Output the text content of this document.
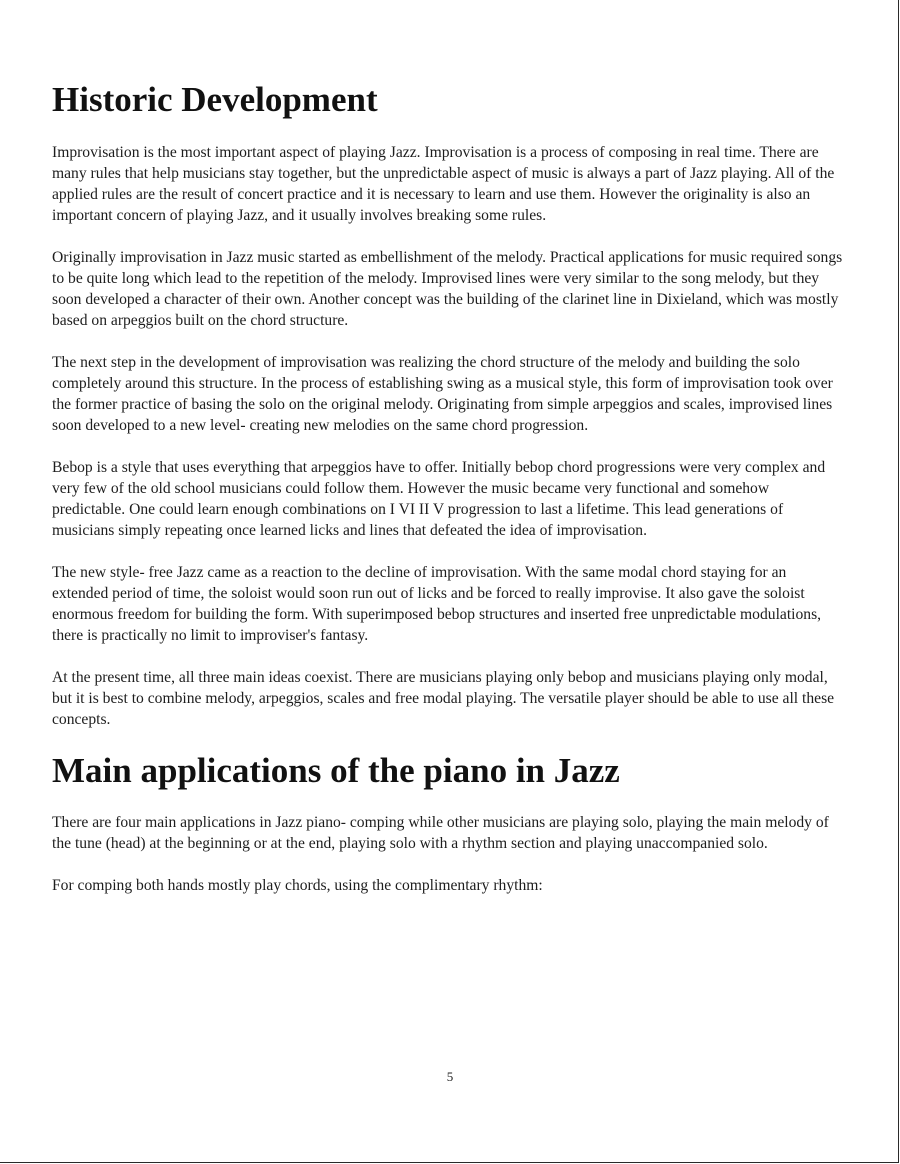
Historic Development

Improvisation is the most important aspect of playing Jazz. Improvisation is a process of composing in real time. There are many rules that help musicians stay together, but the unpredictable aspect of music is always a part of Jazz playing. All of the applied rules are the result of concert practice and it is necessary to learn and use them. However the originality is also an important concern of playing Jazz, and it usually involves breaking some rules.

Originally improvisation in Jazz music started as embellishment of the melody. Practical applications for music required songs to be quite long which lead to the repetition of the melody. Improvised lines were very similar to the song melody, but they soon developed a character of their own. Another concept was the building of the clarinet line in Dixieland, which was mostly based on arpeggios built on the chord structure.

The next step in the development of improvisation was realizing the chord structure of the melody and building the solo completely around this structure. In the process of establishing swing as a musical style, this form of improvisation took over the former practice of basing the solo on the original melody. Originating from simple arpeggios and scales, improvised lines soon developed to a new level- creating new melodies on the same chord progression.

Bebop is a style that uses everything that arpeggios have to offer. Initially bebop chord progressions were very complex and very few of the old school musicians could follow them. However the music became very functional and somehow predictable. One could learn enough combinations on I VI II V progression to last a lifetime. This lead generations of musicians simply repeating once learned licks and lines that defeated the idea of improvisation.

The new style- free Jazz came as a reaction to the decline of improvisation. With the same modal chord staying for an extended period of time, the soloist would soon run out of licks and be forced to really improvise. It also gave the soloist enormous freedom for building the form. With superimposed bebop structures and inserted free unpredictable modulations, there is practically no limit to improviser's fantasy.

At the present time, all three main ideas coexist. There are musicians playing only bebop and musicians playing only modal, but it is best to combine melody, arpeggios, scales and free modal playing. The versatile player should be able to use all these concepts.

Main applications of the piano in Jazz

There are four main applications in Jazz piano- comping while other musicians are playing solo, playing the main melody of the tune (head) at the beginning or at the end, playing solo with a rhythm section and playing unaccompanied solo.

For comping both hands mostly play chords, using the complimentary rhythm:

5
